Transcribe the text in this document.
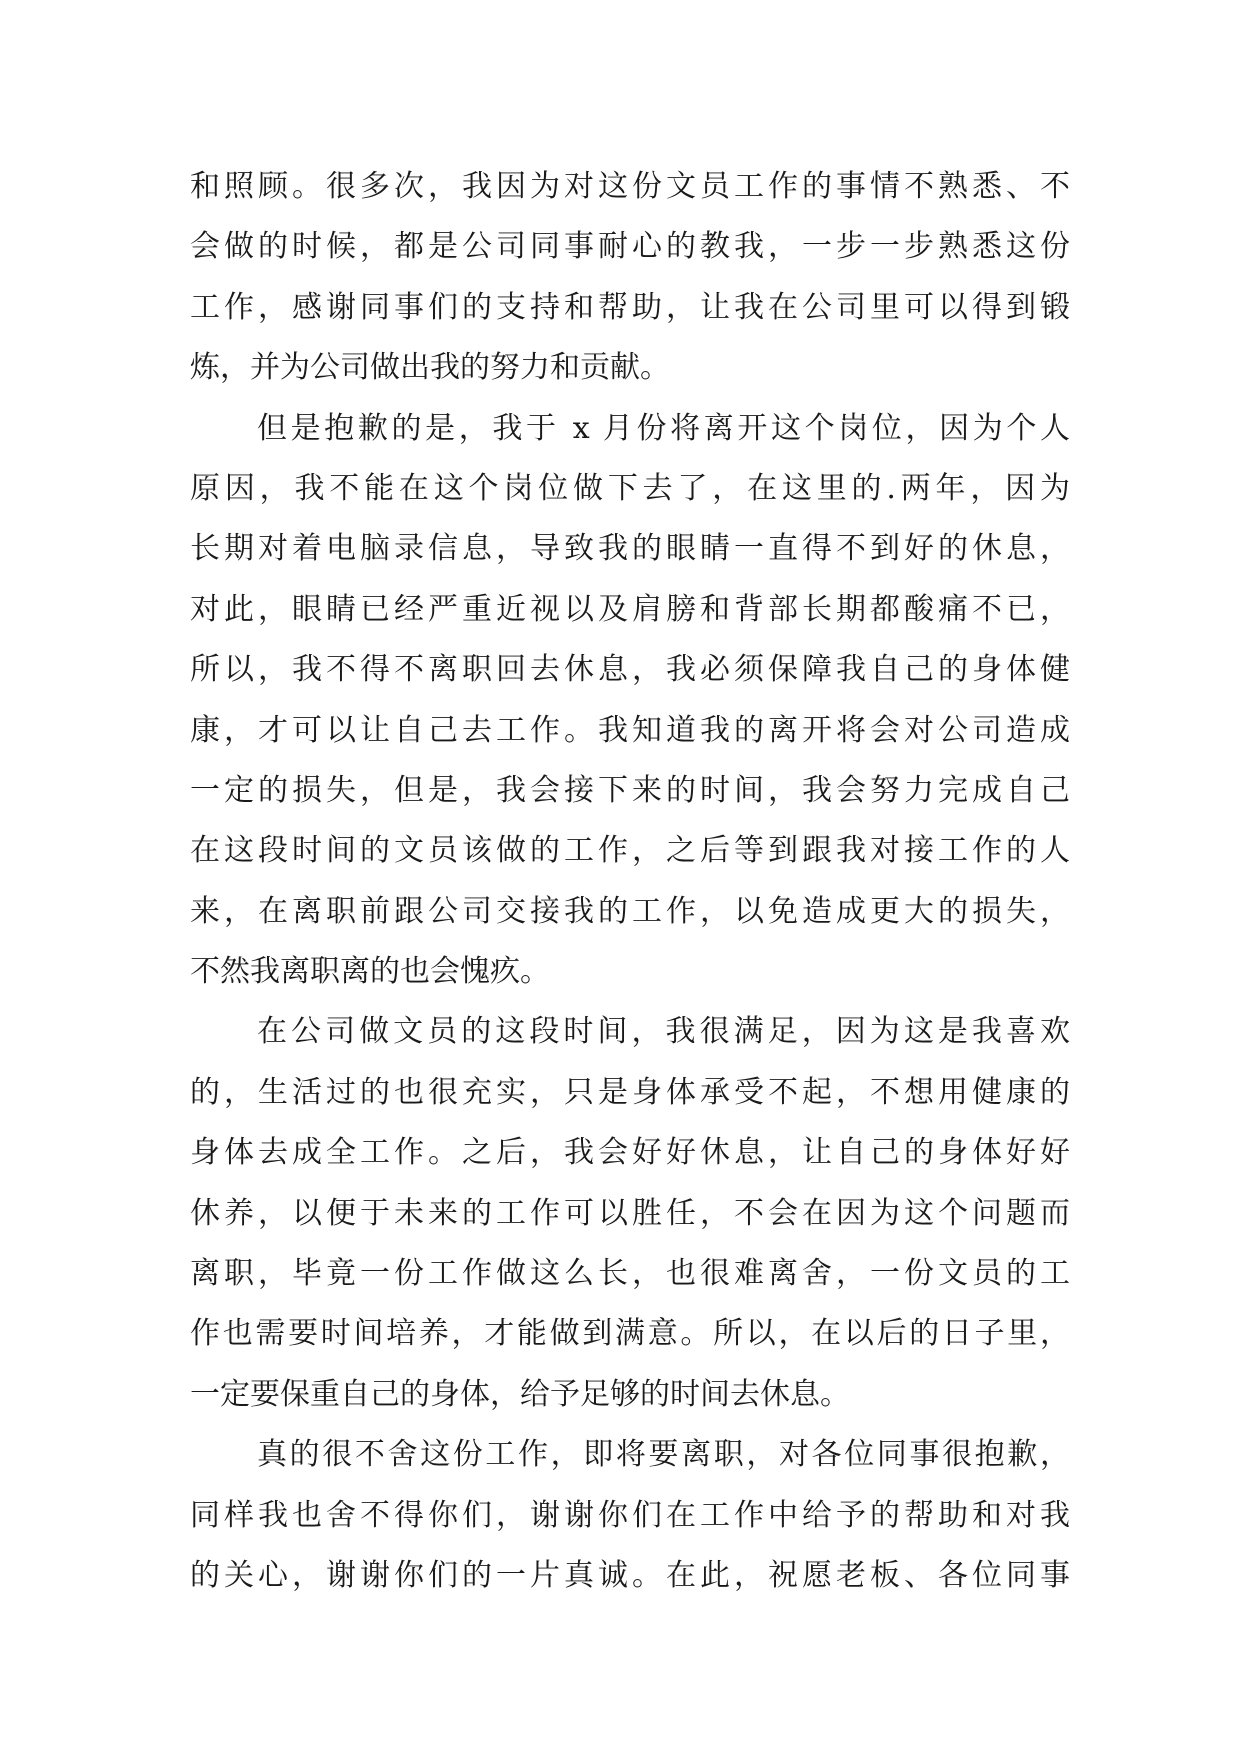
和照顾。很多次，我因为对这份文员工作的事情不熟悉、不
会做的时候，都是公司同事耐心的教我，一步一步熟悉这份
工作，感谢同事们的支持和帮助，让我在公司里可以得到锻
炼，并为公司做出我的努力和贡献。
但是抱歉的是，我于 x 月份将离开这个岗位，因为个人
原因，我不能在这个岗位做下去了，在这里的.两年，因为
长期对着电脑录信息，导致我的眼睛一直得不到好的休息，
对此，眼睛已经严重近视以及肩膀和背部长期都酸痛不已，
所以，我不得不离职回去休息，我必须保障我自己的身体健
康，才可以让自己去工作。我知道我的离开将会对公司造成
一定的损失，但是，我会接下来的时间，我会努力完成自己
在这段时间的文员该做的工作，之后等到跟我对接工作的人
来，在离职前跟公司交接我的工作，以免造成更大的损失，
不然我离职离的也会愧疚。
在公司做文员的这段时间，我很满足，因为这是我喜欢
的，生活过的也很充实，只是身体承受不起，不想用健康的
身体去成全工作。之后，我会好好休息，让自己的身体好好
休养，以便于未来的工作可以胜任，不会在因为这个问题而
离职，毕竟一份工作做这么长，也很难离舍，一份文员的工
作也需要时间培养，才能做到满意。所以，在以后的日子里，
一定要保重自己的身体，给予足够的时间去休息。
真的很不舍这份工作，即将要离职，对各位同事很抱歉，
同样我也舍不得你们，谢谢你们在工作中给予的帮助和对我
的关心，谢谢你们的一片真诚。在此，祝愿老板、各位同事
